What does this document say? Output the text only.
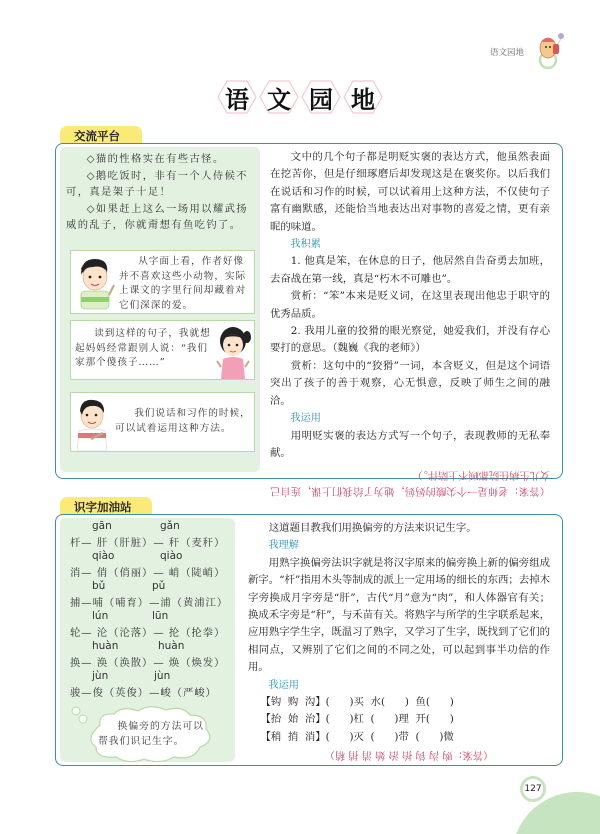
语文园地
语 文 园 地
交流平台

◇猫的性格实在有些古怪。

◇鹅吃饭时，非有一个人侍候不可，真是架子十足！

◇如果赶上这么一场用以耀武扬威的乱子，你就甭想有鱼吃钓了。

从字面上看，作者好像并不喜欢这些小动物，实际上课文的字里行间却藏着对它们深深的爱。
读到这样的句子，我就想起妈妈经常跟别人说：“我们家那个傻孩子……”
我们说话和习作的时候，可以试着运用这种方法。

文中的几个句子都是明贬实褒的表达方式，他虽然表面在挖苦你，但是仔细琢磨后却发现这是在褒奖你。以后我们在说话和习作的时候，可以试着用上这种方法，不仅使句子富有幽默感，还能恰当地表达出对事物的喜爱之情，更有亲昵的味道。

我积累

1. 他真是笨，在休息的日子，他居然自告奋勇去加班，去奋战在第一线，真是“朽木不可雕也”。

赏析：“笨”本来是贬义词，在这里表现出他忠于职守的优秀品质。

2. 我用儿童的狡猾的眼光察觉，她爱我们，并没有存心要打的意思。（魏巍《我的老师》）

赏析：这句中的“狡猾”一词，本含贬义，但是这个词语突出了孩子的善于观察，心无惧意，反映了师生之间的融洽。

我运用

用明贬实褒的表达方式写一个句子，表现教师的无私奉献。

（答案：老师是一个尖酸的妈妈，她为了给我们上课，连自己女儿生病住院都顾不上陪伴。）

识字加油站
gān	gǎn
杆— 肝（肝脏）— 秆（麦秆）
qiào	qiào
消— 俏（俏丽）— 峭（陡峭）
bǔ	pǔ
捕—哺（哺育）—浦（黄浦江）
lún	lūn
轮— 沦（沦落）— 抡（抡拳）
huàn	huàn
换— 涣（涣散）— 焕（焕发）
jùn	jùn
骏—俊（英俊）—峻（严峻）
换偏旁的方法可以帮我们识记生字。

这道题目教我们用换偏旁的方法来识记生字。

我理解

用熟字换偏旁法识字就是将汉字原来的偏旁换上新的偏旁组成新字。“杆”指用木头等制成的派上一定用场的细长的东西；去掉木字旁换成月字旁是“肝”，古代“月”意为“肉”，和人体器官有关；换成禾字旁是“秆”，与禾苗有关。将熟字与所学的生字联系起来，应用熟字学生字，既温习了熟字，又学习了生字，既找到了它们的相同点，又辨别了它们之间的不同之处，可以起到事半功倍的作用。

我运用
【钩  购  沟】(      )买  水(      )  鱼(      )
【抬  始  治】(      )杠  (      )理  开(      )
【稍  捎  消】(      )灭  (      )带  (      )微

（答案：购 沟 钩 抬 治 始 消 捎 稍）

127
